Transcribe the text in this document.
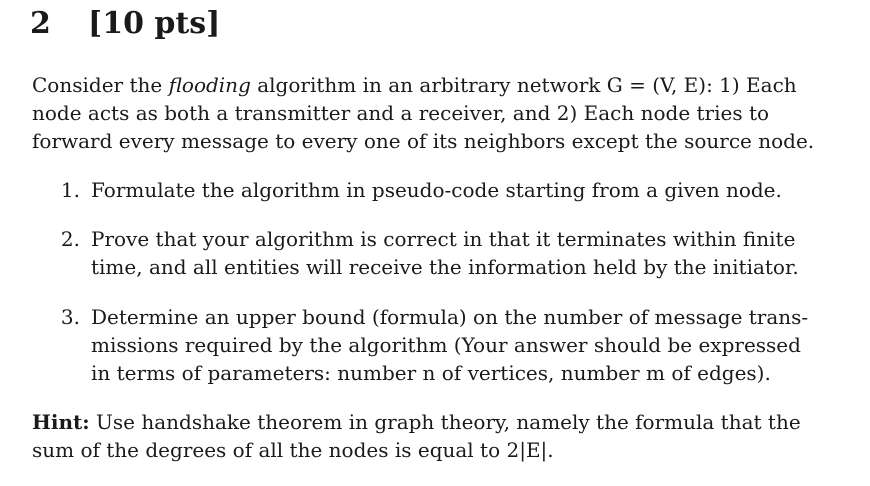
2 [10 pts]
Consider the flooding algorithm in an arbitrary network G = (V, E): 1) Each
node acts as both a transmitter and a receiver, and 2) Each node tries to
forward every message to every one of its neighbors except the source node.
1. Formulate the algorithm in pseudo-code starting from a given node.
2. Prove that your algorithm is correct in that it terminates within finite
time, and all entities will receive the information held by the initiator.
3. Determine an upper bound (formula) on the number of message trans-
missions required by the algorithm (Your answer should be expressed
in terms of parameters: number n of vertices, number m of edges).
Hint: Use handshake theorem in graph theory, namely the formula that the
sum of the degrees of all the nodes is equal to 2|E|.
